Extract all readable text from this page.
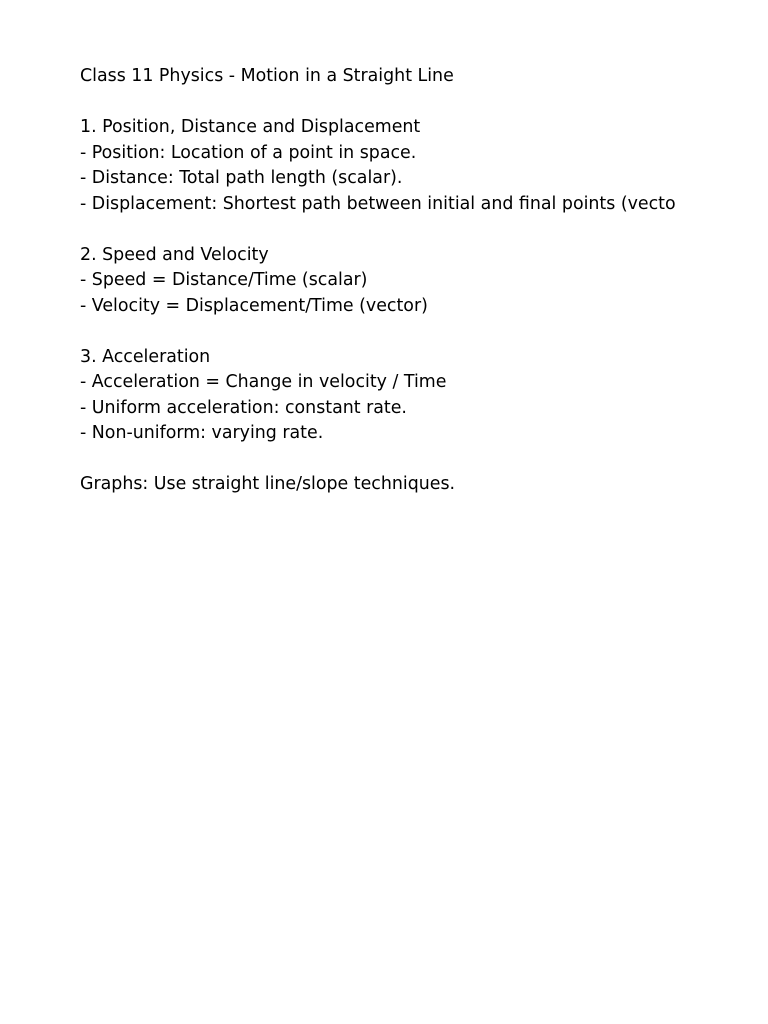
Class 11 Physics - Motion in a Straight Line
1. Position, Distance and Displacement
- Position: Location of a point in space.
- Distance: Total path length (scalar).
- Displacement: Shortest path between initial and final points (vecto
2. Speed and Velocity
- Speed = Distance/Time (scalar)
- Velocity = Displacement/Time (vector)
3. Acceleration
- Acceleration = Change in velocity / Time
- Uniform acceleration: constant rate.
- Non-uniform: varying rate.
Graphs: Use straight line/slope techniques.
